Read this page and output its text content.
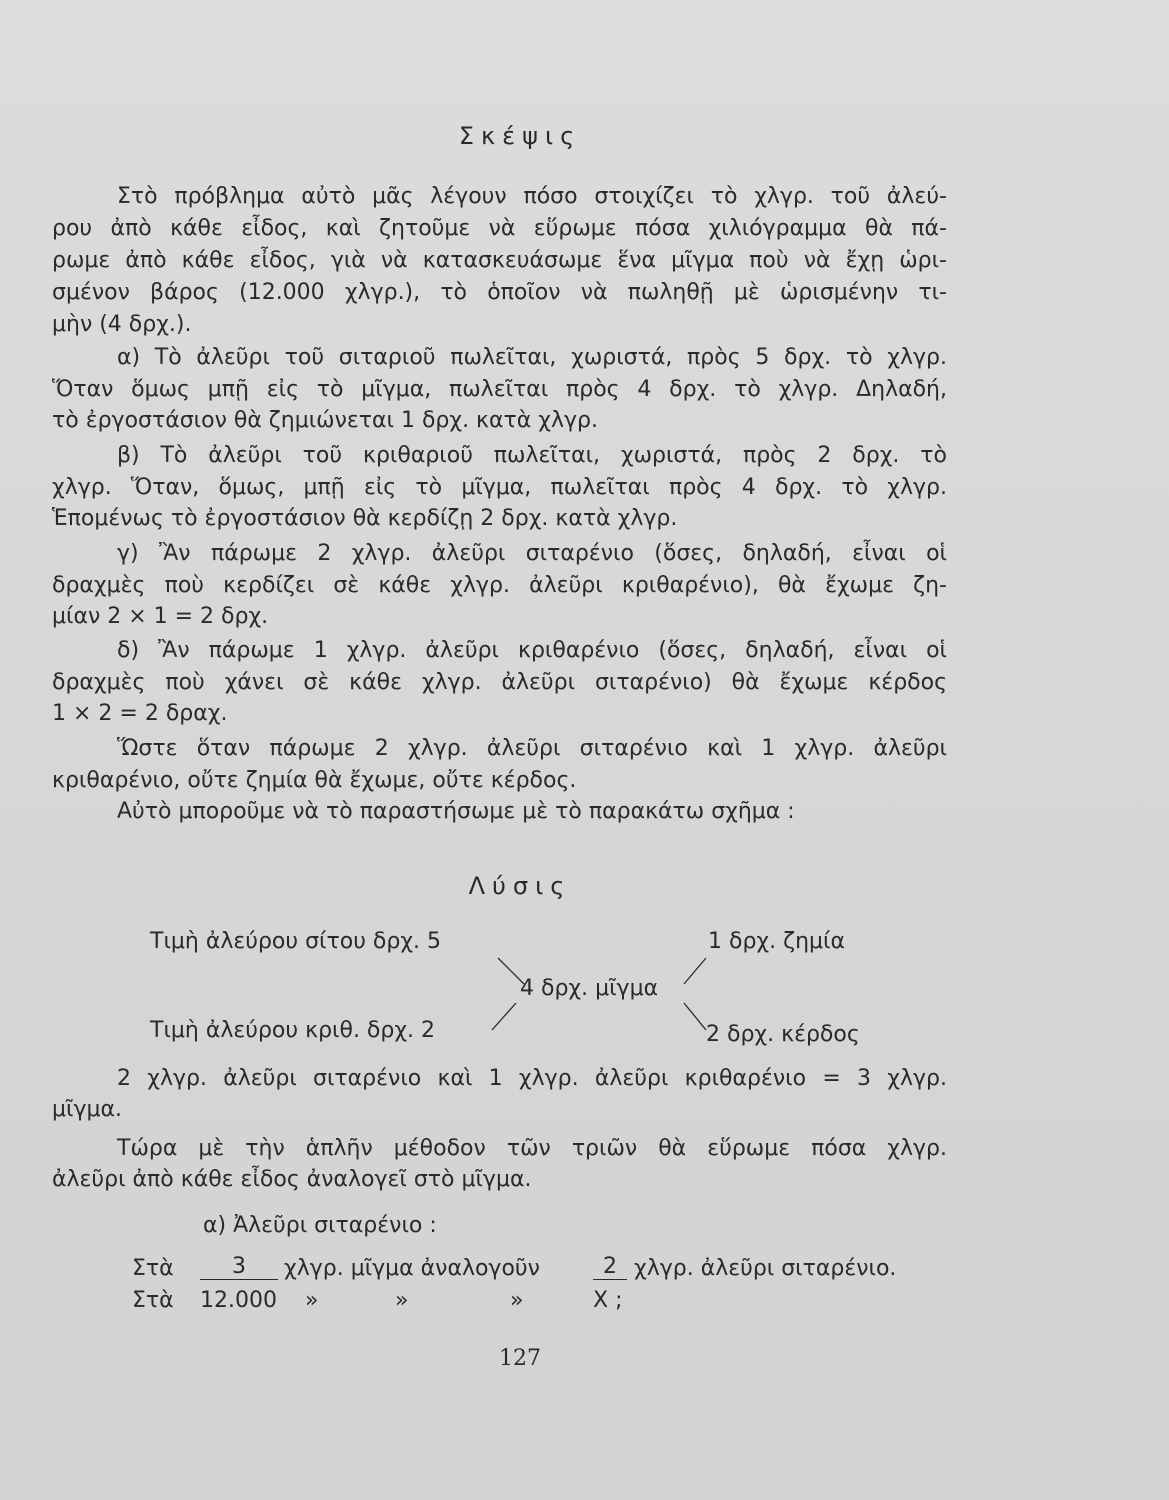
Σκέψις
Στὸ πρόβλημα αὐτὸ μᾶς λέγουν πόσο στοιχίζει τὸ χλγρ. τοῦ ἀλεύ-
ρου ἀπὸ κάθε εἶδος, καὶ ζητοῦμε νὰ εὕρωμε πόσα χιλιόγραμμα θὰ πά-
ρωμε ἀπὸ κάθε εἶδος, γιὰ νὰ κατασκευάσωμε ἕνα μῖγμα ποὺ νὰ ἔχῃ ὡρι-
σμένον βάρος (12.000 χλγρ.), τὸ ὁποῖον νὰ πωληθῇ μὲ ὡρισμένην τι-
μὴν (4 δρχ.).
α) Τὸ ἀλεῦρι τοῦ σιταριοῦ πωλεῖται, χωριστά, πρὸς 5 δρχ. τὸ χλγρ.
Ὅταν ὅμως μπῇ εἰς τὸ μῖγμα, πωλεῖται πρὸς 4 δρχ. τὸ χλγρ. Δηλαδή,
τὸ ἐργοστάσιον θὰ ζημιώνεται 1 δρχ. κατὰ χλγρ.
β) Τὸ ἀλεῦρι τοῦ κριθαριοῦ πωλεῖται, χωριστά, πρὸς 2 δρχ. τὸ
χλγρ. Ὅταν, ὅμως, μπῇ εἰς τὸ μῖγμα, πωλεῖται πρὸς 4 δρχ. τὸ χλγρ.
Ἑπομένως τὸ ἐργοστάσιον θὰ κερδίζῃ 2 δρχ. κατὰ χλγρ.
γ) Ἂν πάρωμε 2 χλγρ. ἀλεῦρι σιταρένιο (ὅσες, δηλαδή, εἶναι οἱ
δραχμὲς ποὺ κερδίζει σὲ κάθε χλγρ. ἀλεῦρι κριθαρένιο), θὰ ἔχωμε ζη-
μίαν 2 × 1 = 2 δρχ.
δ) Ἂν πάρωμε 1 χλγρ. ἀλεῦρι κριθαρένιο (ὅσες, δηλαδή, εἶναι οἱ
δραχμὲς ποὺ χάνει σὲ κάθε χλγρ. ἀλεῦρι σιταρένιο) θὰ ἔχωμε κέρδος
1 × 2 = 2 δραχ.
Ὥστε ὅταν πάρωμε 2 χλγρ. ἀλεῦρι σιταρένιο καὶ 1 χλγρ. ἀλεῦρι
κριθαρένιο, οὔτε ζημία θὰ ἔχωμε, οὔτε κέρδος.
Αὐτὸ μποροῦμε νὰ τὸ παραστήσωμε μὲ τὸ παρακάτω σχῆμα :
Λύσις
Τιμὴ ἀλεύρου σίτου δρχ. 5	1 δρχ. ζημία
4 δρχ. μῖγμα
Τιμὴ ἀλεύρου κριθ. δρχ. 2	2 δρχ. κέρδος
2 χλγρ. ἀλεῦρι σιταρένιο καὶ 1 χλγρ. ἀλεῦρι κριθαρένιο = 3 χλγρ.
μῖγμα.
Τώρα μὲ τὴν ἁπλῆν μέθοδον τῶν τριῶν θὰ εὕρωμε πόσα χλγρ.
ἀλεῦρι ἀπὸ κάθε εἶδος ἀναλογεῖ στὸ μῖγμα.
α) Ἀλεῦρι σιταρένιο :
Στὰ	3	χλγρ. μῖγμα ἀναλογοῦν	2 χλγρ. ἀλεῦρι σιταρένιο.
Στὰ 12.000 »	»	»	X ;
127
